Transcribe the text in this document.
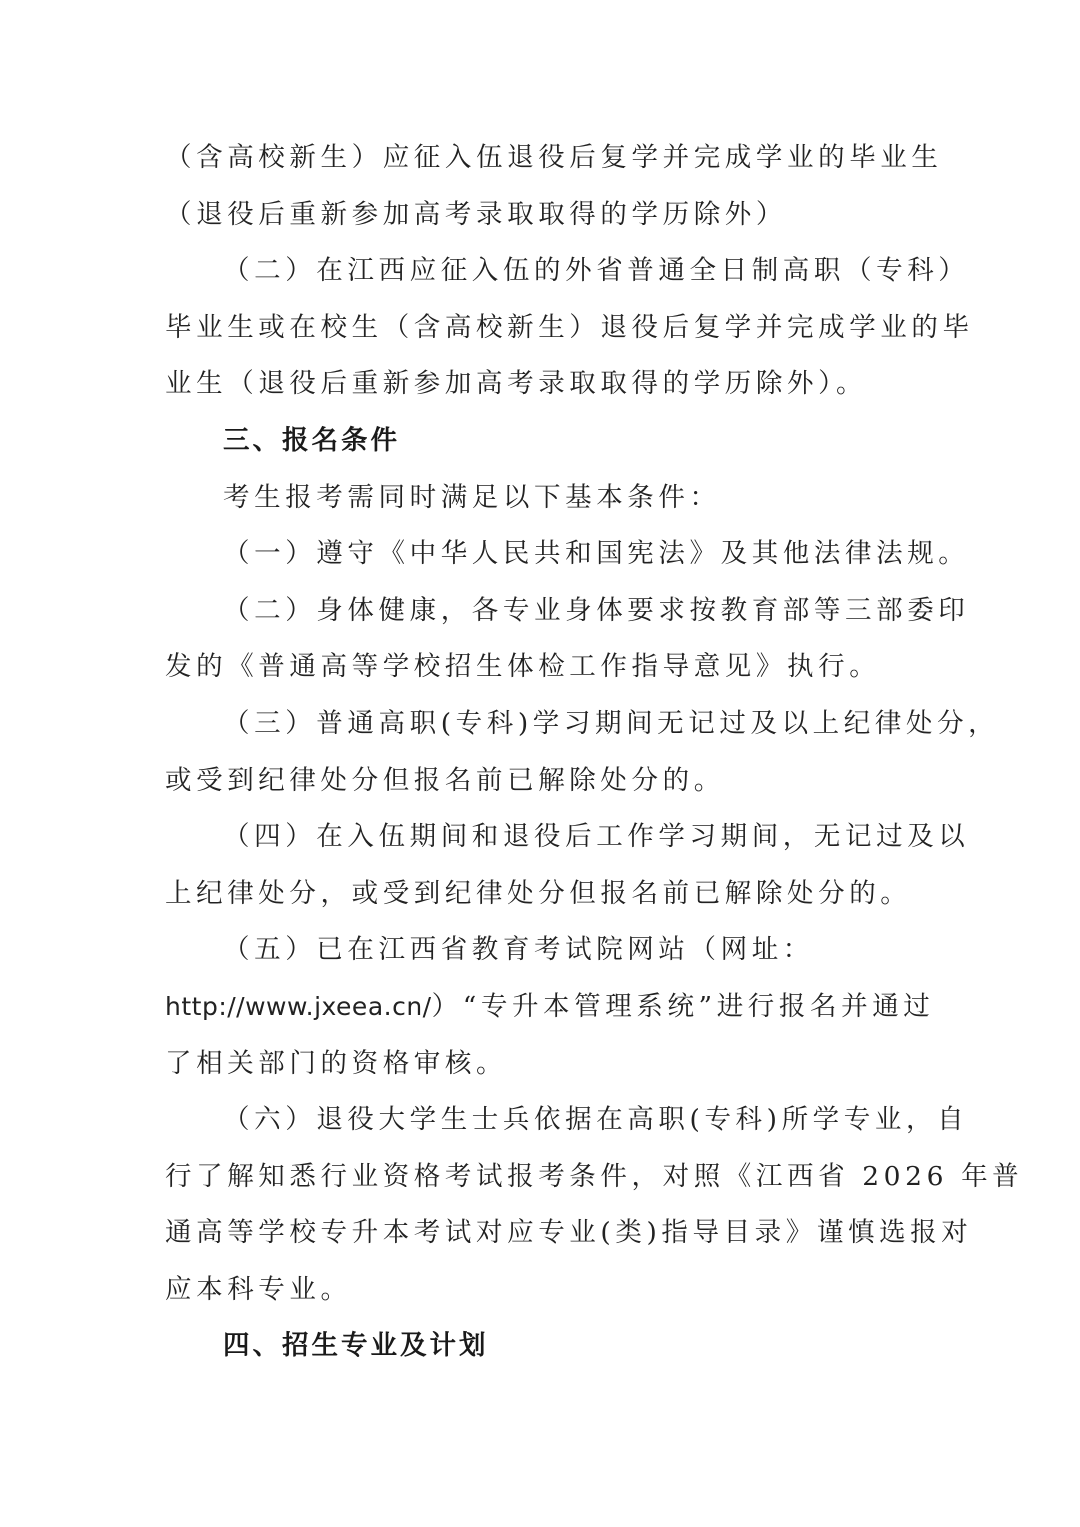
（含高校新生）应征入伍退役后复学并完成学业的毕业生
（退役后重新参加高考录取取得的学历除外）
（二）在江西应征入伍的外省普通全日制高职（专科）
毕业生或在校生（含高校新生）退役后复学并完成学业的毕
业生（退役后重新参加高考录取取得的学历除外）。
三、报名条件
考生报考需同时满足以下基本条件：
（一）遵守《中华人民共和国宪法》及其他法律法规。
（二）身体健康，各专业身体要求按教育部等三部委印
发的《普通高等学校招生体检工作指导意见》执行。
（三）普通高职(专科)学习期间无记过及以上纪律处分，
或受到纪律处分但报名前已解除处分的。
（四）在入伍期间和退役后工作学习期间，无记过及以
上纪律处分，或受到纪律处分但报名前已解除处分的。
（五）已在江西省教育考试院网站（网址：
http://www.jxeea.cn/）“专升本管理系统”进行报名并通过
了相关部门的资格审核。
（六）退役大学生士兵依据在高职(专科)所学专业，自
行了解知悉行业资格考试报考条件，对照《江西省 2026 年普
通高等学校专升本考试对应专业(类)指导目录》谨慎选报对
应本科专业。
四、招生专业及计划
